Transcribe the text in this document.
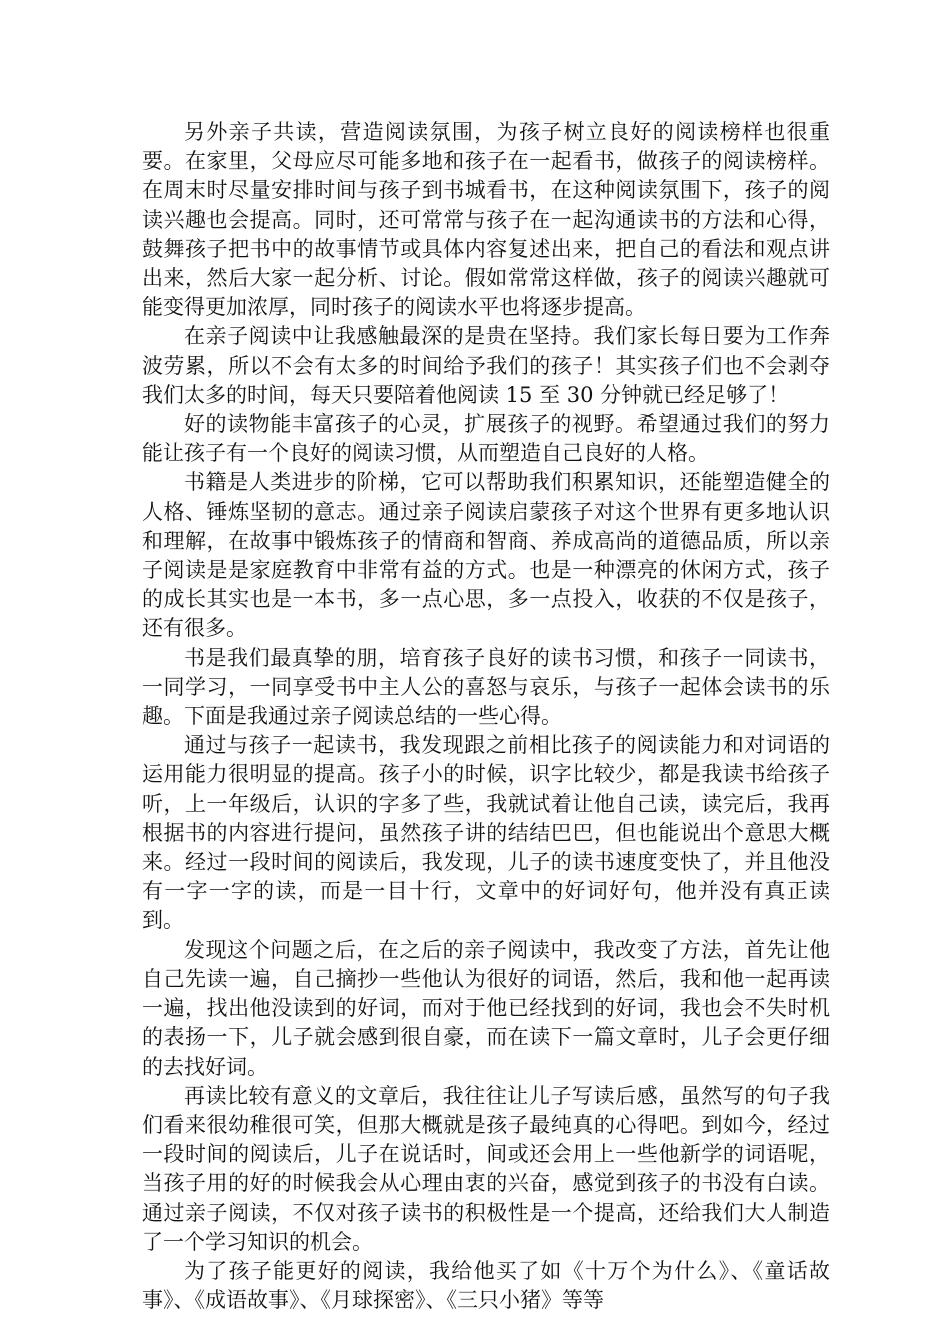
另外亲子共读，营造阅读氛围，为孩子树立良好的阅读榜样也很重要。在家里，父母应尽可能多地和孩子在一起看书，做孩子的阅读榜样。在周末时尽量安排时间与孩子到书城看书，在这种阅读氛围下，孩子的阅读兴趣也会提高。同时，还可常常与孩子在一起沟通读书的方法和心得，鼓舞孩子把书中的故事情节或具体内容复述出来，把自己的看法和观点讲出来，然后大家一起分析、讨论。假如常常这样做，孩子的阅读兴趣就可能变得更加浓厚，同时孩子的阅读水平也将逐步提高。

在亲子阅读中让我感触最深的是贵在坚持。我们家长每日要为工作奔波劳累，所以不会有太多的时间给予我们的孩子！其实孩子们也不会剥夺我们太多的时间，每天只要陪着他阅读 15 至 30 分钟就已经足够了！

好的读物能丰富孩子的心灵，扩展孩子的视野。希望通过我们的努力能让孩子有一个良好的阅读习惯，从而塑造自己良好的人格。

书籍是人类进步的阶梯，它可以帮助我们积累知识，还能塑造健全的人格、锤炼坚韧的意志。通过亲子阅读启蒙孩子对这个世界有更多地认识和理解，在故事中锻炼孩子的情商和智商、养成高尚的道德品质，所以亲子阅读是是家庭教育中非常有益的方式。也是一种漂亮的休闲方式，孩子的成长其实也是一本书，多一点心思，多一点投入，收获的不仅是孩子，还有很多。

书是我们最真挚的朋，培育孩子良好的读书习惯，和孩子一同读书，一同学习，一同享受书中主人公的喜怒与哀乐，与孩子一起体会读书的乐趣。下面是我通过亲子阅读总结的一些心得。

通过与孩子一起读书，我发现跟之前相比孩子的阅读能力和对词语的运用能力很明显的提高。孩子小的时候，识字比较少，都是我读书给孩子听，上一年级后，认识的字多了些，我就试着让他自己读，读完后，我再根据书的内容进行提问，虽然孩子讲的结结巴巴，但也能说出个意思大概来。经过一段时间的阅读后，我发现，儿子的读书速度变快了，并且他没有一字一字的读，而是一目十行，文章中的好词好句，他并没有真正读到。

发现这个问题之后，在之后的亲子阅读中，我改变了方法，首先让他自己先读一遍，自己摘抄一些他认为很好的词语，然后，我和他一起再读一遍，找出他没读到的好词，而对于他已经找到的好词，我也会不失时机的表扬一下，儿子就会感到很自豪，而在读下一篇文章时，儿子会更仔细的去找好词。

再读比较有意义的文章后，我往往让儿子写读后感，虽然写的句子我们看来很幼稚很可笑，但那大概就是孩子最纯真的心得吧。到如今，经过一段时间的阅读后，儿子在说话时，间或还会用上一些他新学的词语呢，当孩子用的好的时候我会从心理由衷的兴奋，感觉到孩子的书没有白读。通过亲子阅读，不仅对孩子读书的积极性是一个提高，还给我们大人制造了一个学习知识的机会。

为了孩子能更好的阅读，我给他买了如《十万个为什么》、《童话故事》、《成语故事》、《月球探密》、《三只小猪》等等
